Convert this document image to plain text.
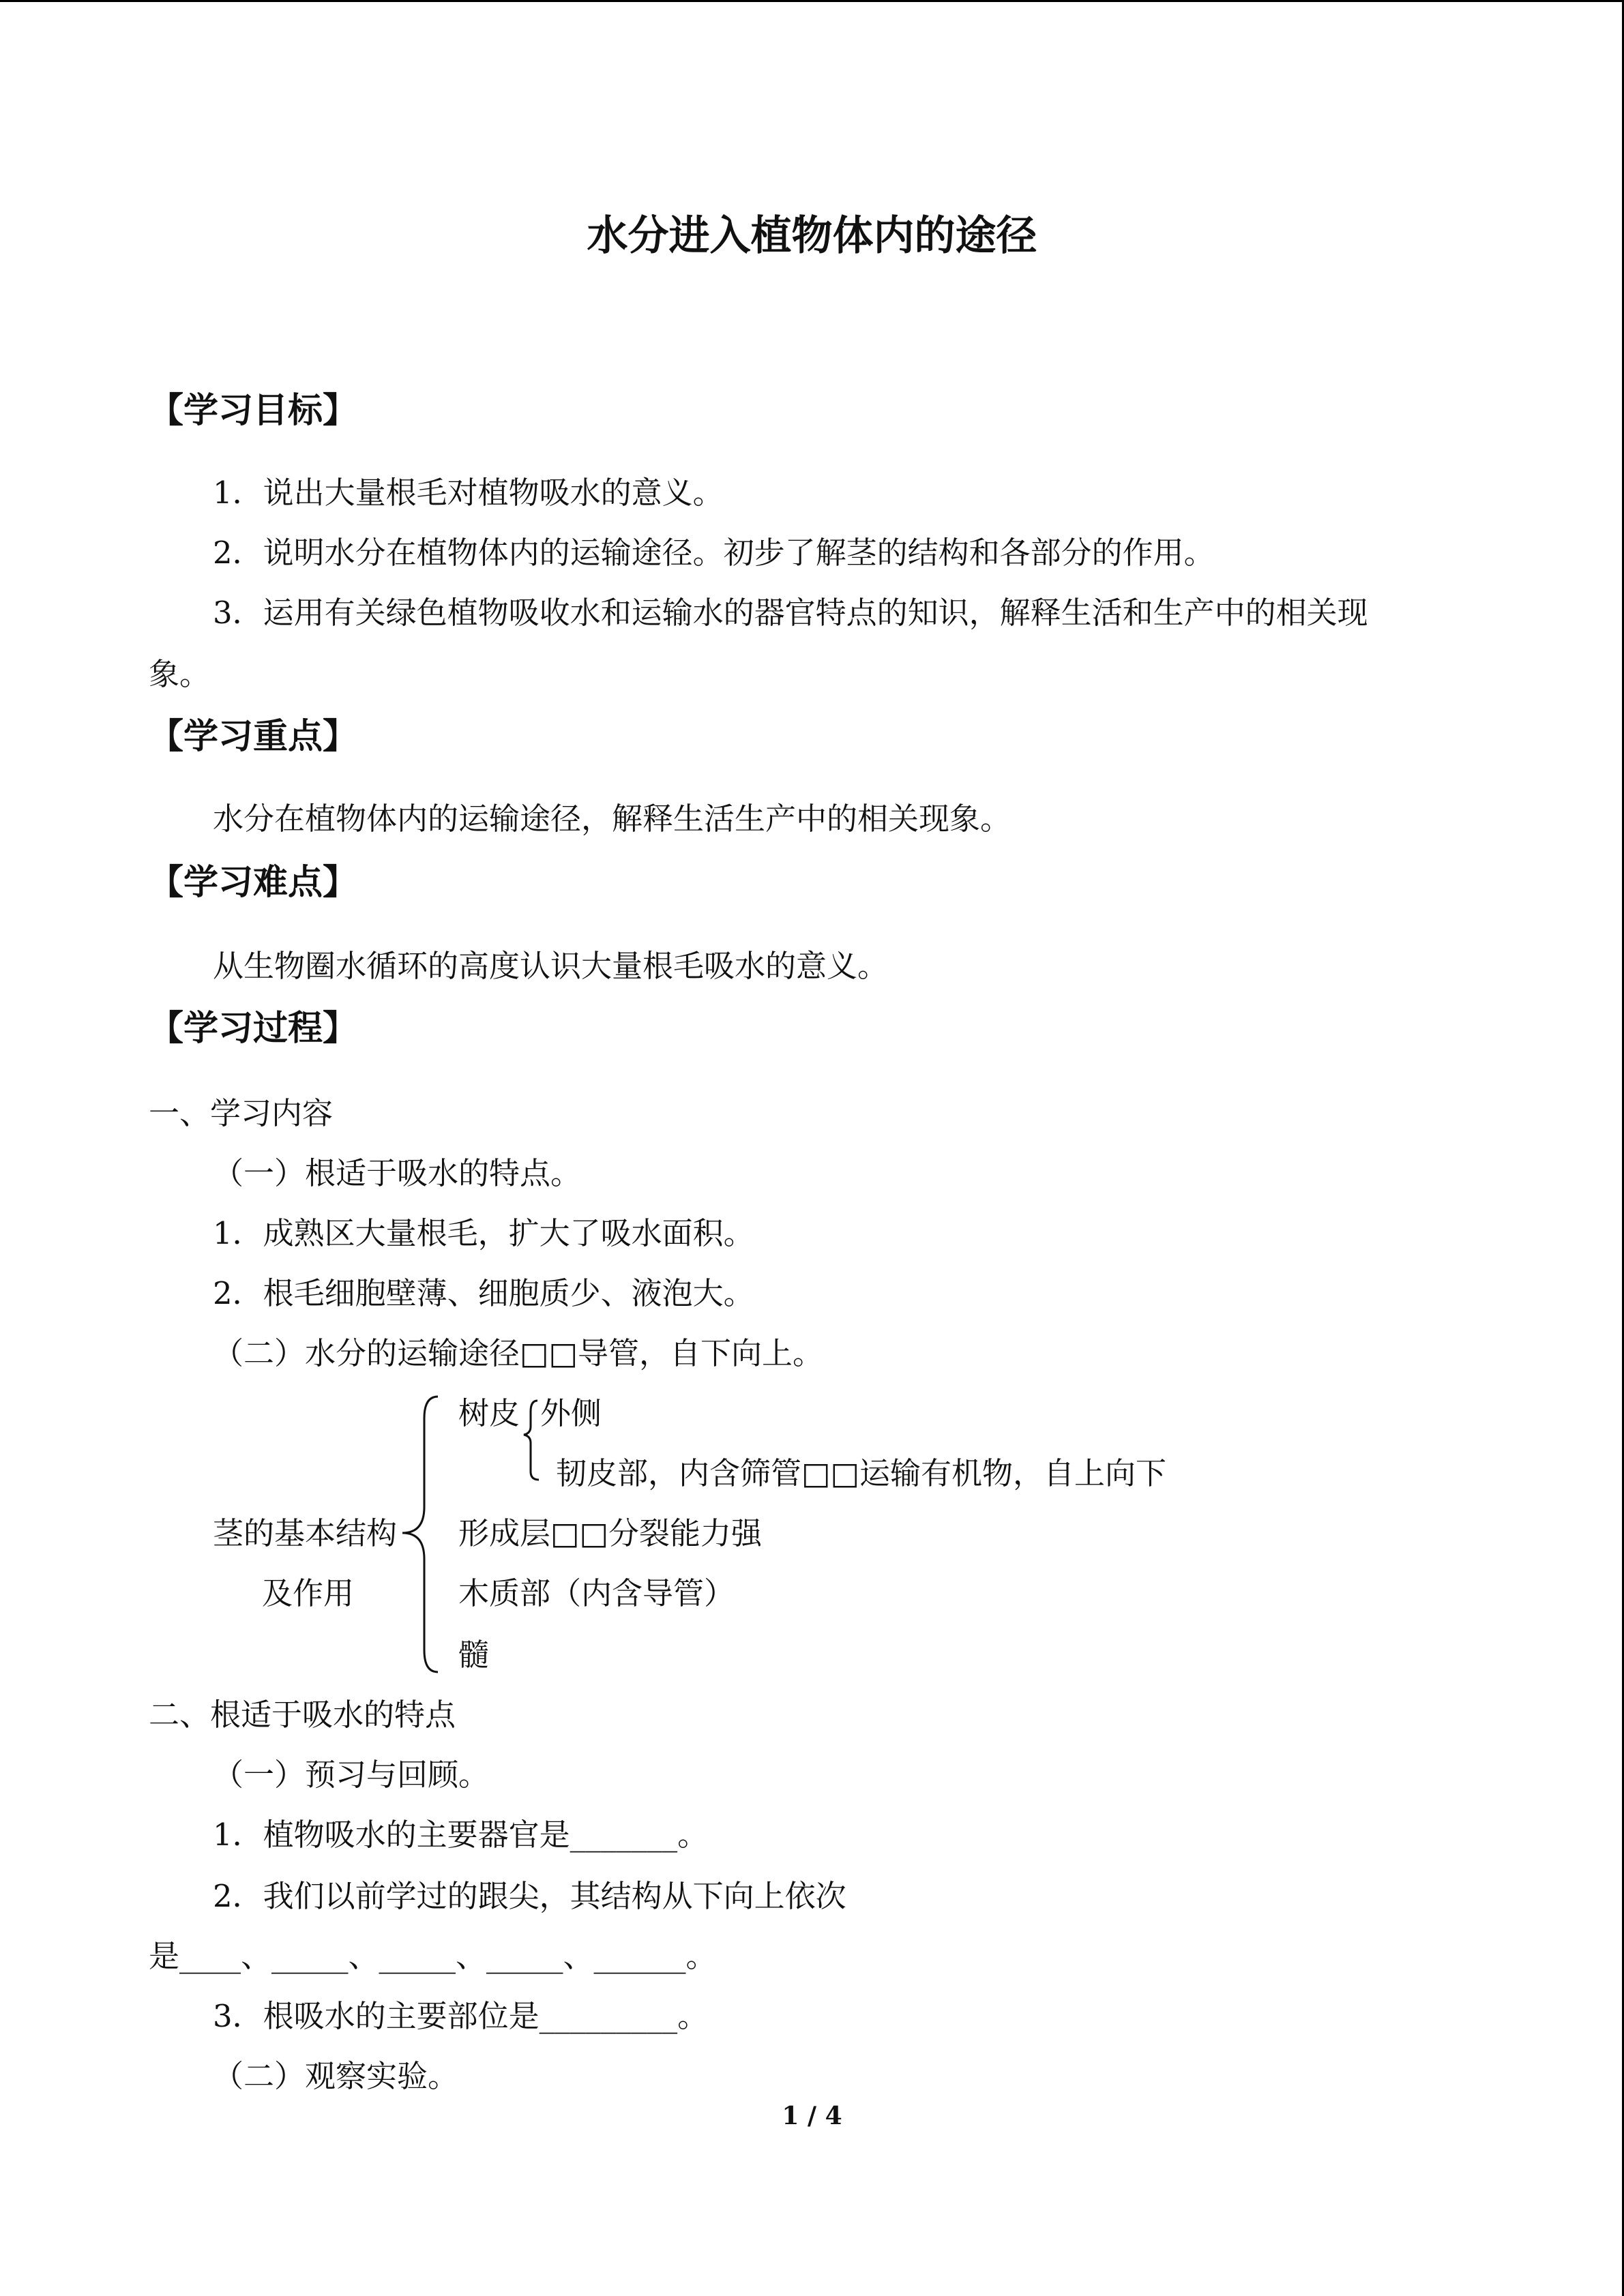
水分进入植物体内的途径
【学习目标】
1．说出大量根毛对植物吸水的意义。
2．说明水分在植物体内的运输途径。初步了解茎的结构和各部分的作用。
3．运用有关绿色植物吸收水和运输水的器官特点的知识，解释生活和生产中的相关现
象。
【学习重点】
水分在植物体内的运输途径，解释生活生产中的相关现象。
【学习难点】
从生物圈水循环的高度认识大量根毛吸水的意义。
【学习过程】
一、学习内容
（一）根适于吸水的特点。
1．成熟区大量根毛，扩大了吸水面积。
2．根毛细胞壁薄、细胞质少、液泡大。
（二）水分的运输途径□□导管，自下向上。
树皮 外侧
韧皮部，内含筛管□□运输有机物，自上向下
茎的基本结构 形成层□□分裂能力强
及作用	木质部（内含导管）
髓
二、根适于吸水的特点
（一）预习与回顾。
1．植物吸水的主要器官是_______。
2．我们以前学过的跟尖，其结构从下向上依次
是____、_____、_____、_____、______。
3．根吸水的主要部位是_________。
（二）观察实验。
1 / 4
